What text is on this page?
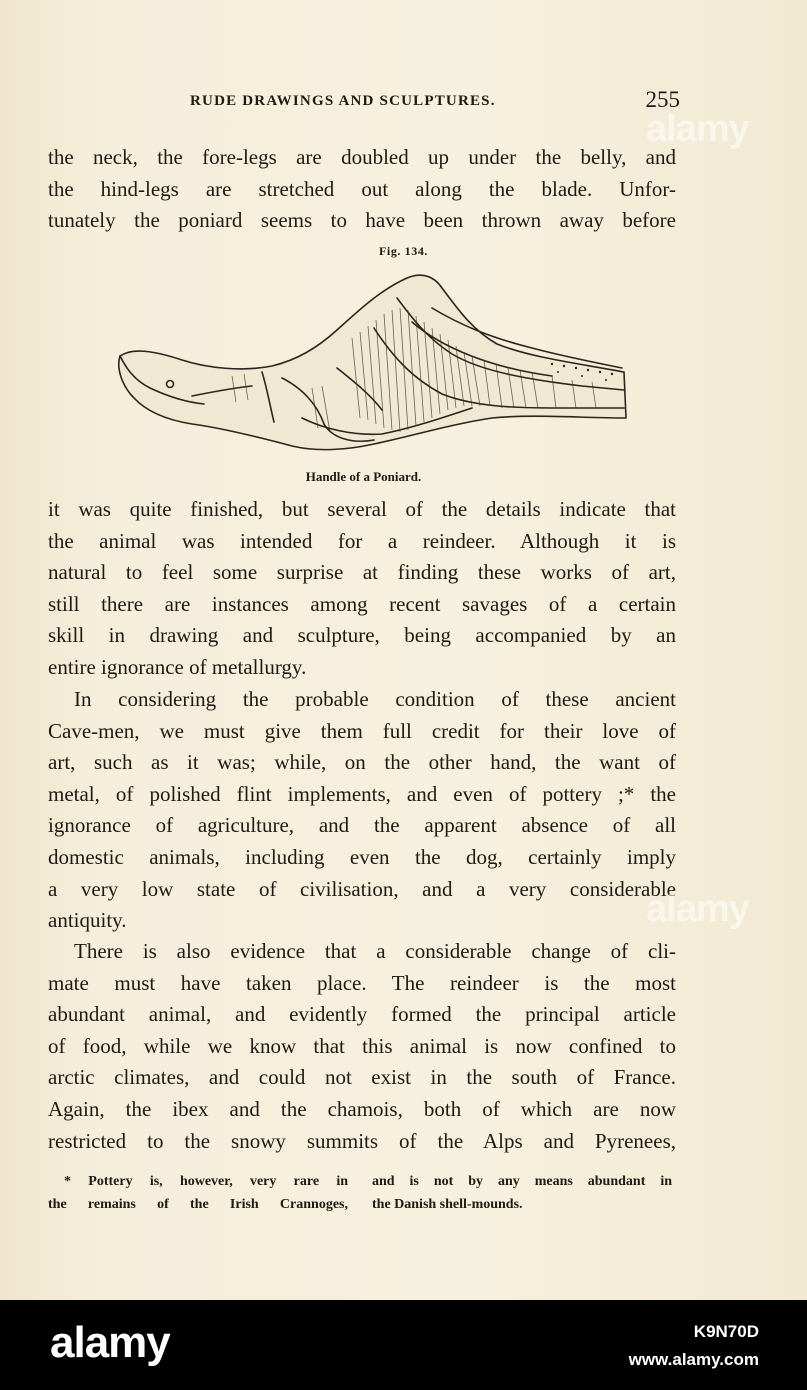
RUDE DRAWINGS AND SCULPTURES.	255
the neck, the fore-legs are doubled up under the belly, and
the hind-legs are stretched out along the blade. Unfor-
tunately the poniard seems to have been thrown away before
Fig. 134.
Handle of a Poniard.
it was quite finished, but several of the details indicate that
the animal was intended for a reindeer. Although it is
natural to feel some surprise at finding these works of art,
still there are instances among recent savages of a certain
skill in drawing and sculpture, being accompanied by an
entire ignorance of metallurgy.
In considering the probable condition of these ancient
Cave-men, we must give them full credit for their love of
art, such as it was; while, on the other hand, the want of
metal, of polished flint implements, and even of pottery ;* the
ignorance of agriculture, and the apparent absence of all
domestic animals, including even the dog, certainly imply
a very low state of civilisation, and a very considerable
antiquity.
There is also evidence that a considerable change of cli-
mate must have taken place. The reindeer is the most
abundant animal, and evidently formed the principal article
of food, while we know that this animal is now confined to
arctic climates, and could not exist in the south of France.
Again, the ibex and the chamois, both of which are now
restricted to the snowy summits of the Alps and Pyrenees,
* Pottery is, however, very rare in
the remains of the Irish Crannoges,
and is not by any means abundant in
the Danish shell-mounds.
alamy
alamy
alamy	K9N70D
www.alamy.com
